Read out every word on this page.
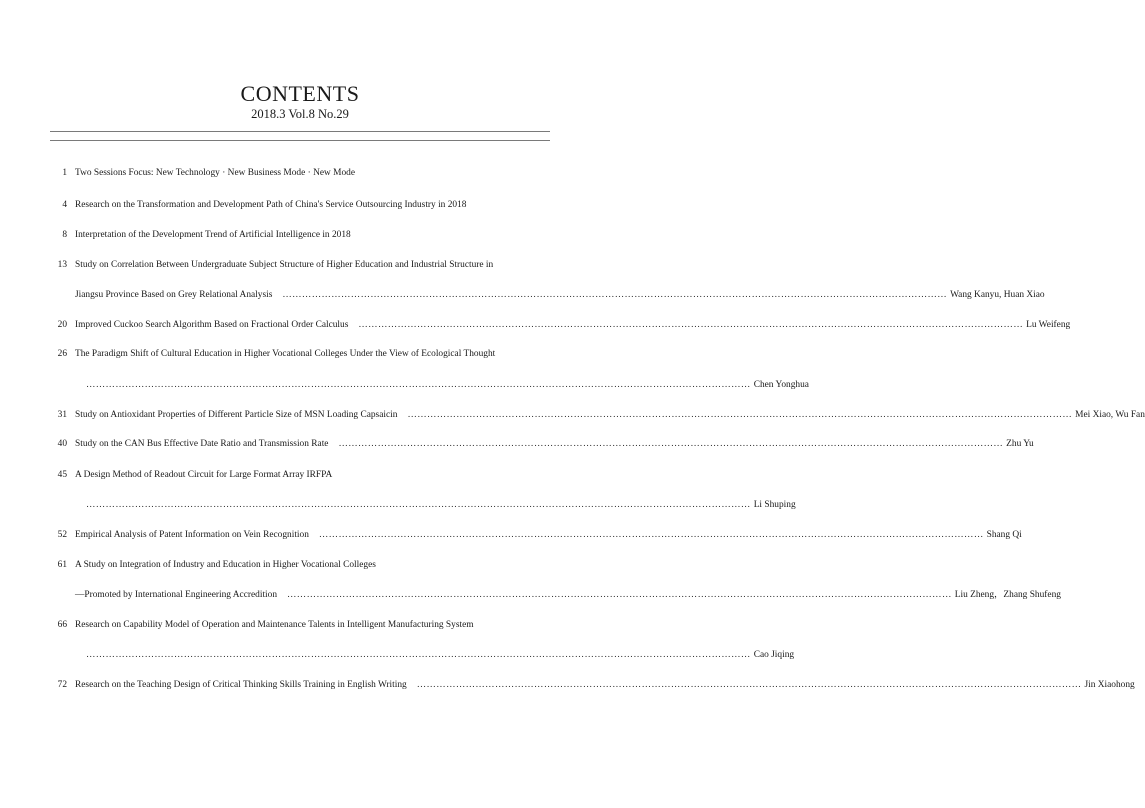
CONTENTS
2018.3 Vol.8 No.29
1 Two Sessions Focus: New Technology · New Business Mode · New Mode
4 Research on the Transformation and Development Path of China's Service Outsourcing Industry in 2018
8 Interpretation of the Development Trend of Artificial Intelligence in 2018
13 Study on Correlation Between Undergraduate Subject Structure of Higher Education and Industrial Structure in
Jiangsu Province Based on Grey Relational Analysis …………………………………………………………………………………………………………………………………………………………………………………… Wang Kanyu, Huan Xiao
20 Improved Cuckoo Search Algorithm Based on Fractional Order Calculus …………………………………………………………………………………………………………………………………………………………………………………… Lu Weifeng
26 The Paradigm Shift of Cultural Education in Higher Vocational Colleges Under the View of Ecological Thought
…………………………………………………………………………………………………………………………………………………………………………………… Chen Yonghua
31 Study on Antioxidant Properties of Different Particle Size of MSN Loading Capsaicin …………………………………………………………………………………………………………………………………………………………………………………… Mei Xiao, Wu Fan
40 Study on the CAN Bus Effective Date Ratio and Transmission Rate …………………………………………………………………………………………………………………………………………………………………………………… Zhu Yu
45 A Design Method of Readout Circuit for Large Format Array IRFPA
…………………………………………………………………………………………………………………………………………………………………………………… Li Shuping
52 Empirical Analysis of Patent Information on Vein Recognition …………………………………………………………………………………………………………………………………………………………………………………… Shang Qi
61 A Study on Integration of Industry and Education in Higher Vocational Colleges
—Promoted by International Engineering Accredition …………………………………………………………………………………………………………………………………………………………………………………… Liu Zheng，Zhang Shufeng
66 Research on Capability Model of Operation and Maintenance Talents in Intelligent Manufacturing System
…………………………………………………………………………………………………………………………………………………………………………………… Cao Jiqing
72 Research on the Teaching Design of Critical Thinking Skills Training in English Writing …………………………………………………………………………………………………………………………………………………………………………………… Jin Xiaohong
